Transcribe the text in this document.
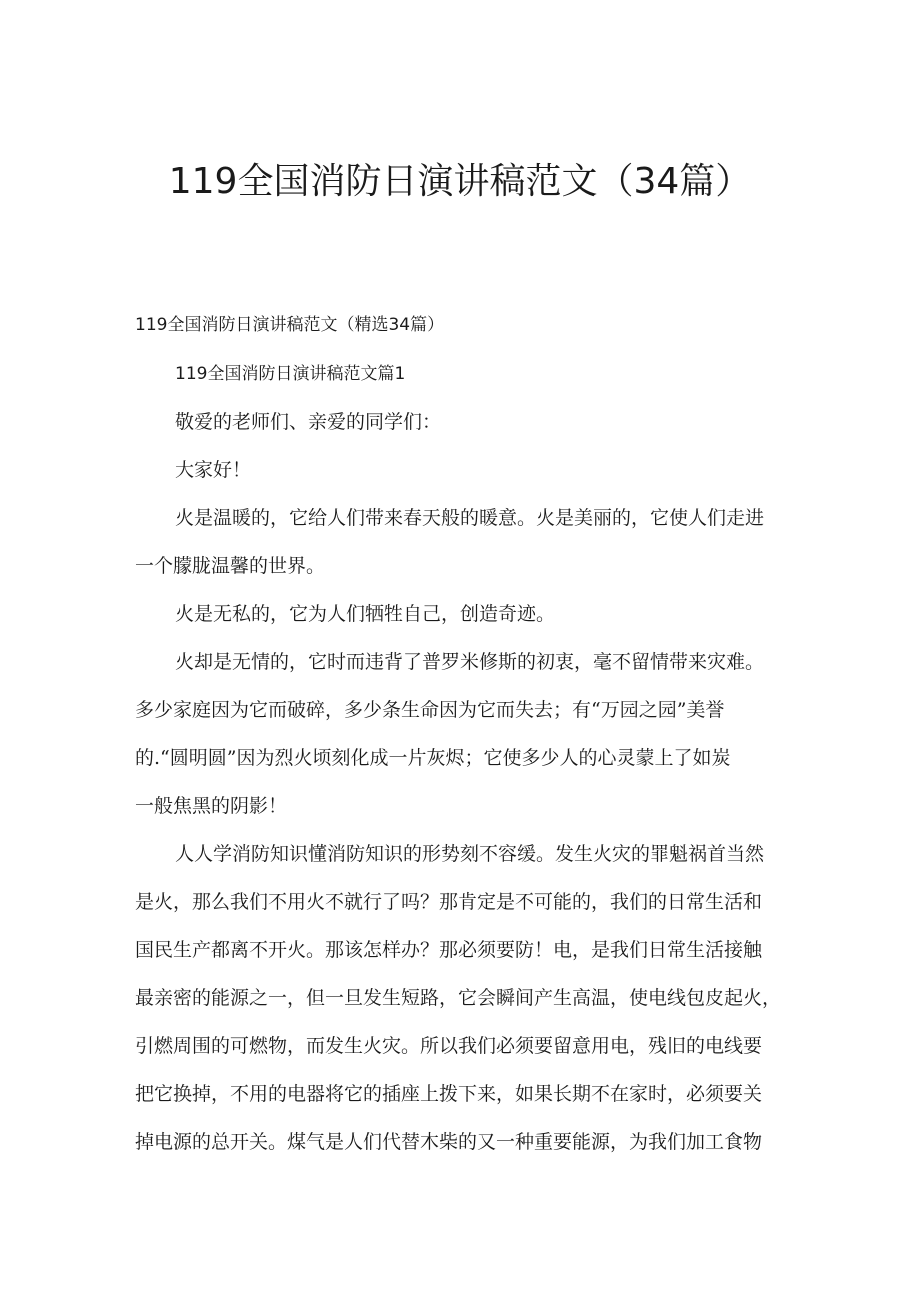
119全国消防日演讲稿范文（34篇）

119全国消防日演讲稿范文（精选34篇）

119全国消防日演讲稿范文篇1

敬爱的老师们、亲爱的同学们：

大家好！

火是温暖的，它给人们带来春天般的暖意。火是美丽的，它使人们走进

一个朦胧温馨的世界。

火是无私的，它为人们牺牲自己，创造奇迹。

火却是无情的，它时而违背了普罗米修斯的初衷，毫不留情带来灾难。

多少家庭因为它而破碎，多少条生命因为它而失去；有“万园之园”美誉

的.“圆明圆”因为烈火顷刻化成一片灰烬；它使多少人的心灵蒙上了如炭

一般焦黑的阴影！

人人学消防知识懂消防知识的形势刻不容缓。发生火灾的罪魁祸首当然

是火，那么我们不用火不就行了吗？那肯定是不可能的，我们的日常生活和

国民生产都离不开火。那该怎样办？那必须要防！电，是我们日常生活接触

最亲密的能源之一，但一旦发生短路，它会瞬间产生高温，使电线包皮起火，

引燃周围的可燃物，而发生火灾。所以我们必须要留意用电，残旧的电线要

把它换掉，不用的电器将它的插座上拨下来，如果长期不在家时，必须要关

掉电源的总开关。煤气是人们代替木柴的又一种重要能源，为我们加工食物
